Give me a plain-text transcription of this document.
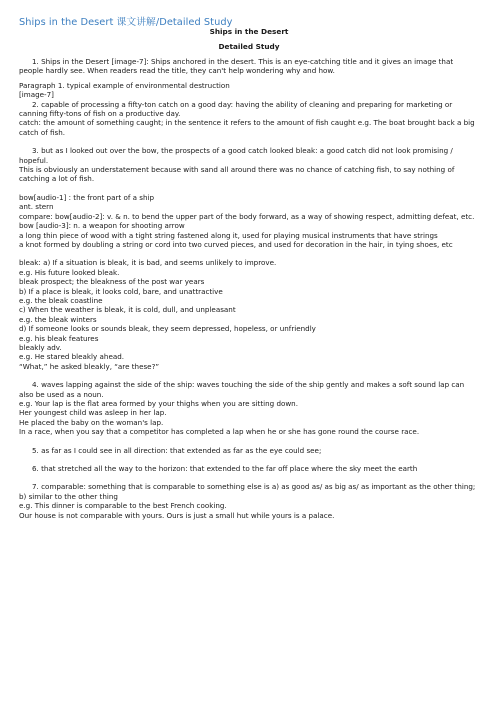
Ships in the Desert 课文讲解/Detailed Study
Ships in the Desert
Detailed Study

1. Ships in the Desert [image-7]: Ships anchored in the desert. This is an eye-catching title and it gives an image that people hardly see. When readers read the title, they can't help wondering why and how.

Paragraph 1. typical example of environmental destruction

[image-7]

2. capable of processing a fifty-ton catch on a good day: having the ability of cleaning and preparing for marketing or canning fifty-tons of fish on a productive day.

catch: the amount of something caught; in the sentence it refers to the amount of fish caught e.g. The boat brought back a big catch of fish.

3. but as I looked out over the bow, the prospects of a good catch looked bleak: a good catch did not look promising / hopeful.

This is obviously an understatement because with sand all around there was no chance of catching fish, to say nothing of catching a lot of fish.

bow[audio-1] : the front part of a ship

ant. stern

compare: bow[audio-2]: v. & n. to bend the upper part of the body forward, as a way of showing respect, admitting defeat, etc.

bow [audio-3]: n. a weapon for shooting arrow

a long thin piece of wood with a tight string fastened along it, used for playing musical instruments that have strings

a knot formed by doubling a string or cord into two curved pieces, and used for decoration in the hair, in tying shoes, etc

bleak: a) If a situation is bleak, it is bad, and seems unlikely to improve.

e.g. His future looked bleak.

bleak prospect; the bleakness of the post war years

b) If a place is bleak, it looks cold, bare, and unattractive

e.g. the bleak coastline

c) When the weather is bleak, it is cold, dull, and unpleasant

e.g. the bleak winters

d) If someone looks or sounds bleak, they seem depressed, hopeless, or unfriendly

e.g. his bleak features

bleakly adv.

e.g. He stared bleakly ahead.

“What,” he asked bleakly, “are these?”

4. waves lapping against the side of the ship: waves touching the side of the ship gently and makes a soft sound lap can also be used as a noun.

e.g. Your lap is the flat area formed by your thighs when you are sitting down.

Her youngest child was asleep in her lap.

He placed the baby on the woman's lap.

In a race, when you say that a competitor has completed a lap when he or she has gone round the course race.

5. as far as I could see in all direction: that extended as far as the eye could see;

6. that stretched all the way to the horizon: that extended to the far off place where the sky meet the earth

7. comparable: something that is comparable to something else is a) as good as/ as big as/ as important as the other thing; b) similar to the other thing

e.g. This dinner is comparable to the best French cooking.

Our house is not comparable with yours. Ours is just a small hut while yours is a palace.
